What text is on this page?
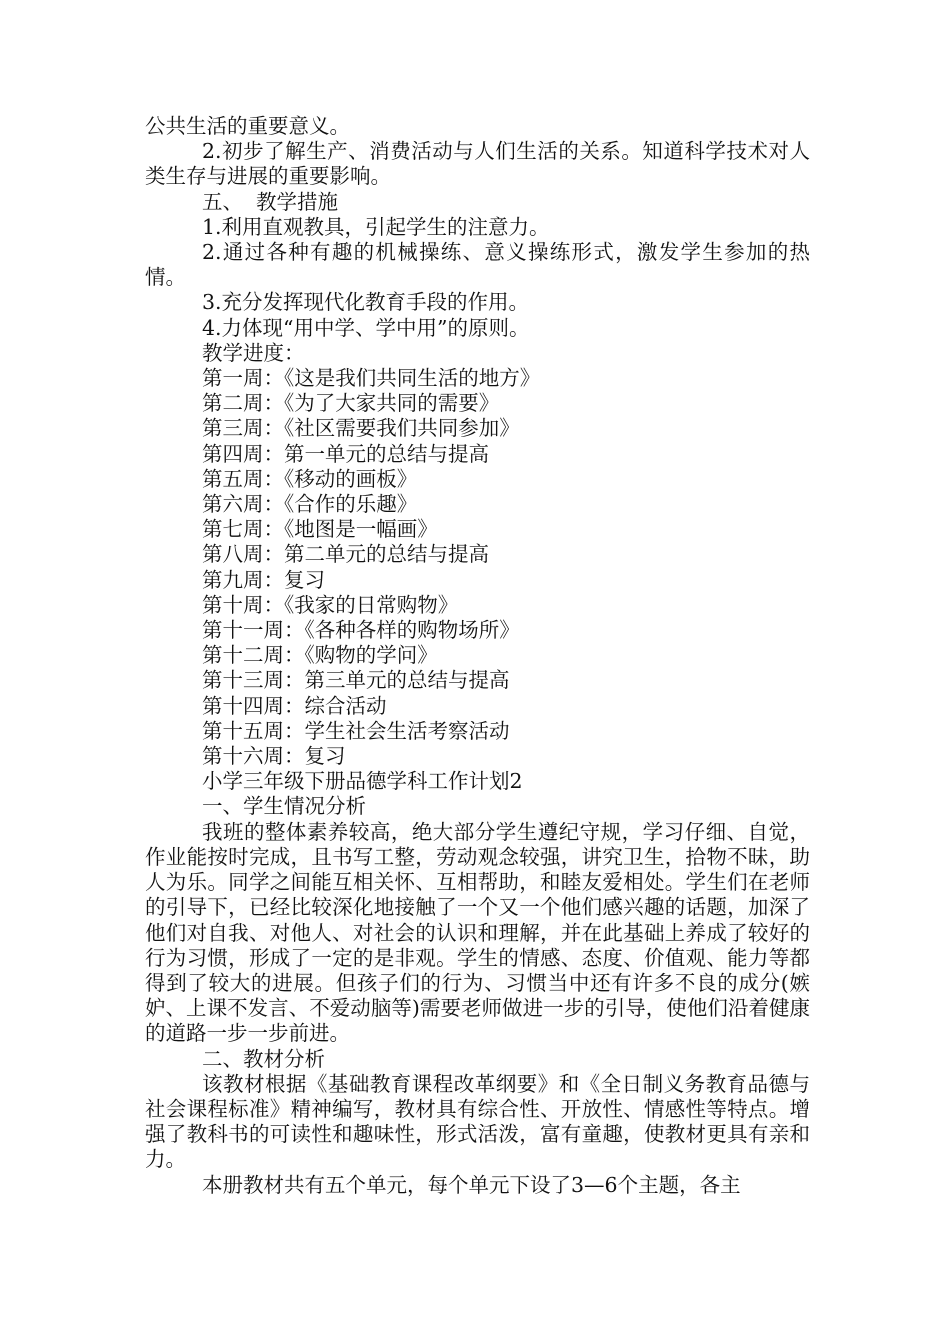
公共生活的重要意义。

2.初步了解生产、消费活动与人们生活的关系。知道科学技术对人类生存与进展的重要影响。

五、  教学措施

1.利用直观教具，引起学生的注意力。

2.通过各种有趣的机械操练、意义操练形式，激发学生参加的热情。

3.充分发挥现代化教育手段的作用。

4.力体现“用中学、学中用”的原则。

教学进度：

第一周：《这是我们共同生活的地方》

第二周：《为了大家共同的需要》

第三周：《社区需要我们共同参加》

第四周：第一单元的总结与提高

第五周：《移动的画板》

第六周：《合作的乐趣》

第七周：《地图是一幅画》

第八周：第二单元的总结与提高

第九周：复习

第十周：《我家的日常购物》

第十一周：《各种各样的购物场所》

第十二周：《购物的学问》

第十三周：第三单元的总结与提高

第十四周：综合活动

第十五周：学生社会生活考察活动

第十六周：复习

小学三年级下册品德学科工作计划2

一、学生情况分析

我班的整体素养较高，绝大部分学生遵纪守规，学习仔细、自觉，作业能按时完成，且书写工整，劳动观念较强，讲究卫生，拾物不昧，助人为乐。同学之间能互相关怀、互相帮助，和睦友爱相处。学生们在老师的引导下，已经比较深化地接触了一个又一个他们感兴趣的话题，加深了他们对自我、对他人、对社会的认识和理解，并在此基础上养成了较好的行为习惯，形成了一定的是非观。学生的情感、态度、价值观、能力等都得到了较大的进展。但孩子们的行为、习惯当中还有许多不良的成分(嫉妒、上课不发言、不爱动脑等)需要老师做进一步的引导，使他们沿着健康的道路一步一步前进。

二、教材分析

该教材根据《基础教育课程改革纲要》和《全日制义务教育品德与社会课程标准》精神编写，教材具有综合性、开放性、情感性等特点。增强了教科书的可读性和趣味性，形式活泼，富有童趣，使教材更具有亲和力。

本册教材共有五个单元，每个单元下设了3—6个主题，各主
